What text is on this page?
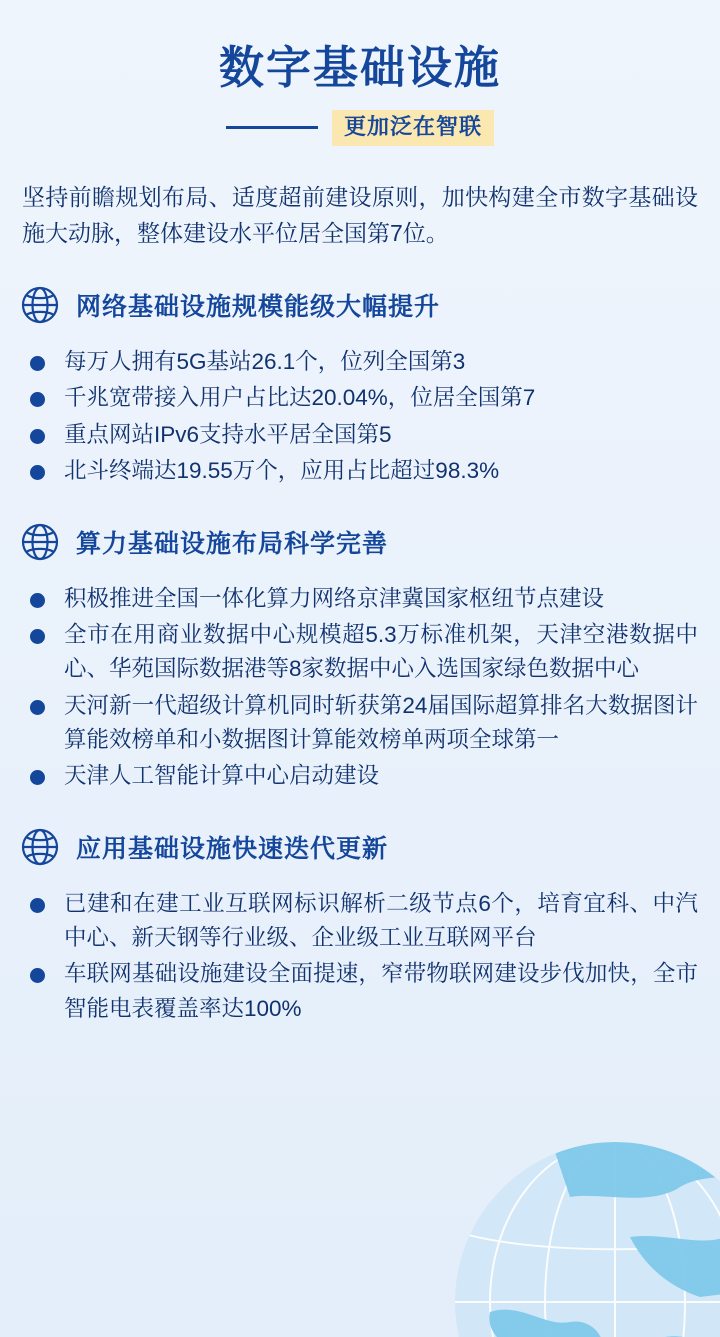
数字基础设施
更加泛在智联

坚持前瞻规划布局、适度超前建设原则，加快构建全市数字基础设施大动脉，整体建设水平位居全国第7位。

网络基础设施规模能级大幅提升
每万人拥有5G基站26.1个，位列全国第3
千兆宽带接入用户占比达20.04%，位居全国第7
重点网站IPv6支持水平居全国第5
北斗终端达19.55万个，应用占比超过98.3%
算力基础设施布局科学完善
积极推进全国一体化算力网络京津冀国家枢纽节点建设
全市在用商业数据中心规模超5.3万标准机架，天津空港数据中心、华苑国际数据港等8家数据中心入选国家绿色数据中心
天河新一代超级计算机同时斩获第24届国际超算排名大数据图计算能效榜单和小数据图计算能效榜单两项全球第一
天津人工智能计算中心启动建设
应用基础设施快速迭代更新
已建和在建工业互联网标识解析二级节点6个，培育宜科、中汽中心、新天钢等行业级、企业级工业互联网平台
车联网基础设施建设全面提速，窄带物联网建设步伐加快，全市智能电表覆盖率达100%
